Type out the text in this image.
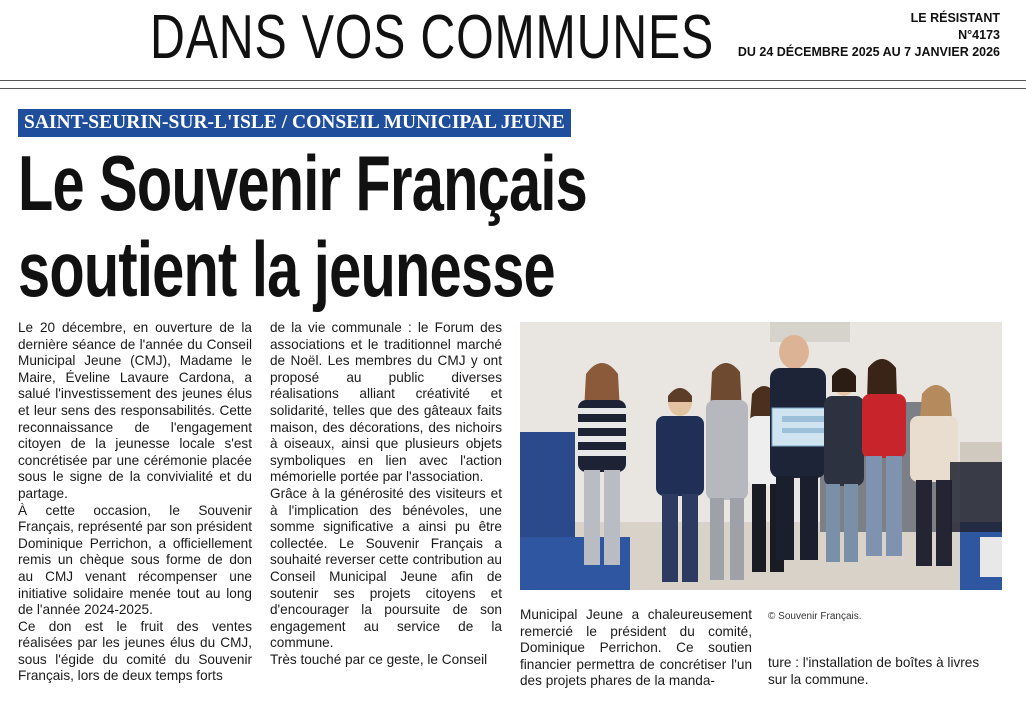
DANS VOS COMMUNES	LE RÉSISTANT
N°4173
DU 24 DÉCEMBRE 2025 AU 7 JANVIER 2026
SAINT-SEURIN-SUR-L'ISLE / CONSEIL MUNICIPAL JEUNE
Le Souvenir Français
soutient la jeunesse

Le 20 décembre, en ouverture de la dernière séance de l'année du Conseil Municipal Jeune (CMJ), Madame le Maire, Éveline Lavaure Cardona, a salué l'investissement des jeunes élus et leur sens des responsabilités. Cette reconnaissance de l'engagement citoyen de la jeunesse locale s'est concrétisée par une cérémonie placée sous le signe de la convivialité et du partage.

À cette occasion, le Souvenir Français, représenté par son président Dominique Perrichon, a officiellement remis un chèque sous forme de don au CMJ venant récompenser une initiative solidaire menée tout au long de l'année 2024-2025.

Ce don est le fruit des ventes réalisées par les jeunes élus du CMJ, sous l'égide du comité du Souvenir Français, lors de deux temps forts

de la vie communale : le Forum des associations et le traditionnel marché de Noël. Les membres du CMJ y ont proposé au public diverses réalisations alliant créativité et solidarité, telles que des gâteaux faits maison, des décorations, des nichoirs à oiseaux, ainsi que plusieurs objets symboliques en lien avec l'action mémorielle portée par l'association.

Grâce à la générosité des visiteurs et à l'implication des bénévoles, une somme significative a ainsi pu être collectée. Le Souvenir Français a souhaité reverser cette contribution au Conseil Municipal Jeune afin de soutenir ses projets citoyens et d'encourager la poursuite de son engagement au service de la commune.

Très touché par ce geste, le Conseil

© Souvenir Français.

Municipal Jeune a chaleureusement remercié le président du comité, Dominique Perrichon. Ce soutien financier permettra de concrétiser l'un des projets phares de la manda-

ture : l'installation de boîtes à livres sur la commune.
